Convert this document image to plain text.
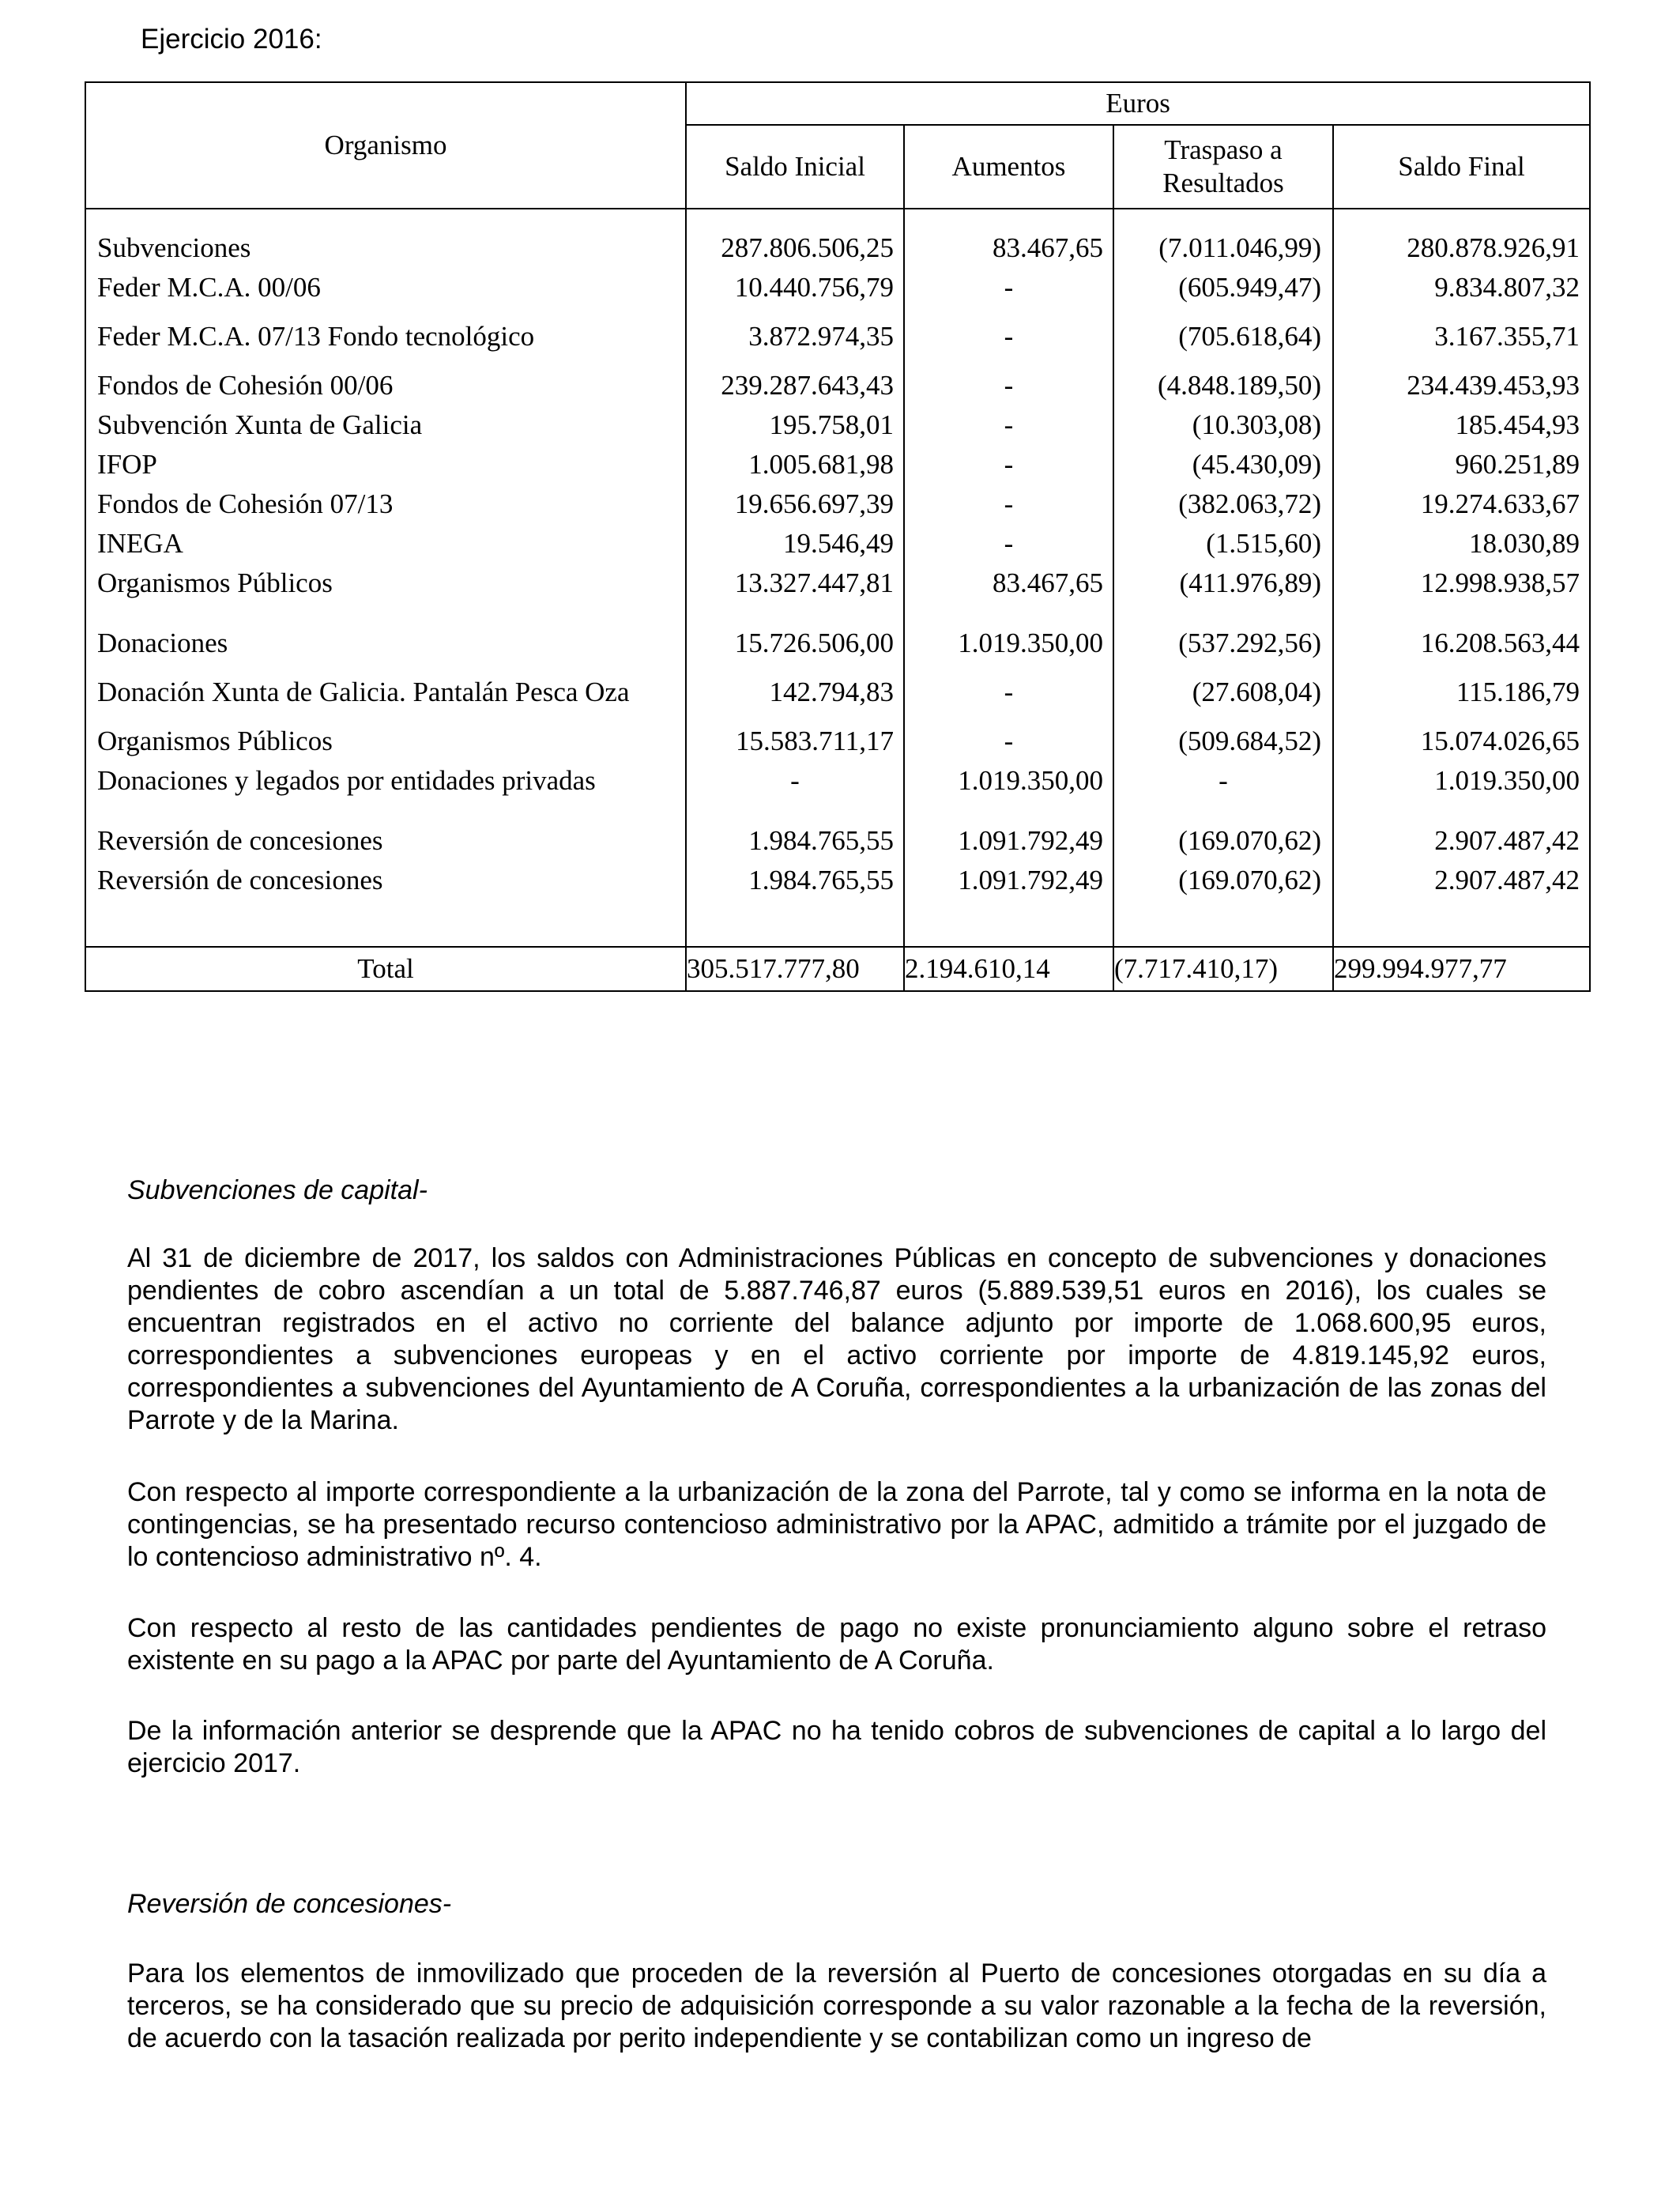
Ejercicio 2016:
Organismo	Euros			
	Saldo Inicial	Aumentos	Traspaso a
Resultados	Saldo Final

Subvenciones	287.806.506,25	83.467,65	(7.011.046,99)	280.878.926,91
Feder M.C.A. 00/06	10.440.756,79	-	(605.949,47)	9.834.807,32
Feder M.C.A. 07/13 Fondo tecnológico	3.872.974,35	-	(705.618,64)	3.167.355,71
Fondos de Cohesión 00/06	239.287.643,43	-	(4.848.189,50)	234.439.453,93
Subvención Xunta de Galicia	195.758,01	-	(10.303,08)	185.454,93
IFOP	1.005.681,98	-	(45.430,09)	960.251,89
Fondos de Cohesión 07/13	19.656.697,39	-	(382.063,72)	19.274.633,67
INEGA	19.546,49	-	(1.515,60)	18.030,89
Organismos Públicos	13.327.447,81	83.467,65	(411.976,89)	12.998.938,57

Donaciones	15.726.506,00	1.019.350,00	(537.292,56)	16.208.563,44
Donación Xunta de Galicia. Pantalán Pesca Oza	142.794,83	-	(27.608,04)	115.186,79
Organismos Públicos	15.583.711,17	-	(509.684,52)	15.074.026,65
Donaciones y legados por entidades privadas	-	1.019.350,00	-	1.019.350,00

Reversión de concesiones	1.984.765,55	1.091.792,49	(169.070,62)	2.907.487,42
Reversión de concesiones	1.984.765,55	1.091.792,49	(169.070,62)	2.907.487,42

Total	305.517.777,80	2.194.610,14	(7.717.410,17)	299.994.977,77

Subvenciones de capital-

Al 31 de diciembre de 2017, los saldos con Administraciones Públicas en concepto de subvenciones y donaciones pendientes de cobro ascendían a un total de 5.887.746,87 euros (5.889.539,51 euros en 2016), los cuales se encuentran registrados en el activo no corriente del balance adjunto por importe de 1.068.600,95 euros, correspondientes a subvenciones europeas y en el activo corriente por importe de 4.819.145,92 euros, correspondientes a subvenciones del Ayuntamiento de A Coruña, correspondientes a la urbanización de las zonas del Parrote y de la Marina.

Con respecto al importe correspondiente a la urbanización de la zona del Parrote, tal y como se informa en la nota de contingencias, se ha presentado recurso contencioso administrativo por la APAC, admitido a trámite por el juzgado de lo contencioso administrativo nº. 4.

Con respecto al resto de las cantidades pendientes de pago no existe pronunciamiento alguno sobre el retraso existente en su pago a la APAC por parte del Ayuntamiento de A Coruña.

De la información anterior se desprende que la APAC no ha tenido cobros de subvenciones de capital a lo largo del ejercicio 2017.

Reversión de concesiones-

Para los elementos de inmovilizado que proceden de la reversión al Puerto de concesiones otorgadas en su día a terceros, se ha considerado que su precio de adquisición corresponde a su valor razonable a la fecha de la reversión, de acuerdo con la tasación realizada por perito independiente y se contabilizan como un ingreso de
